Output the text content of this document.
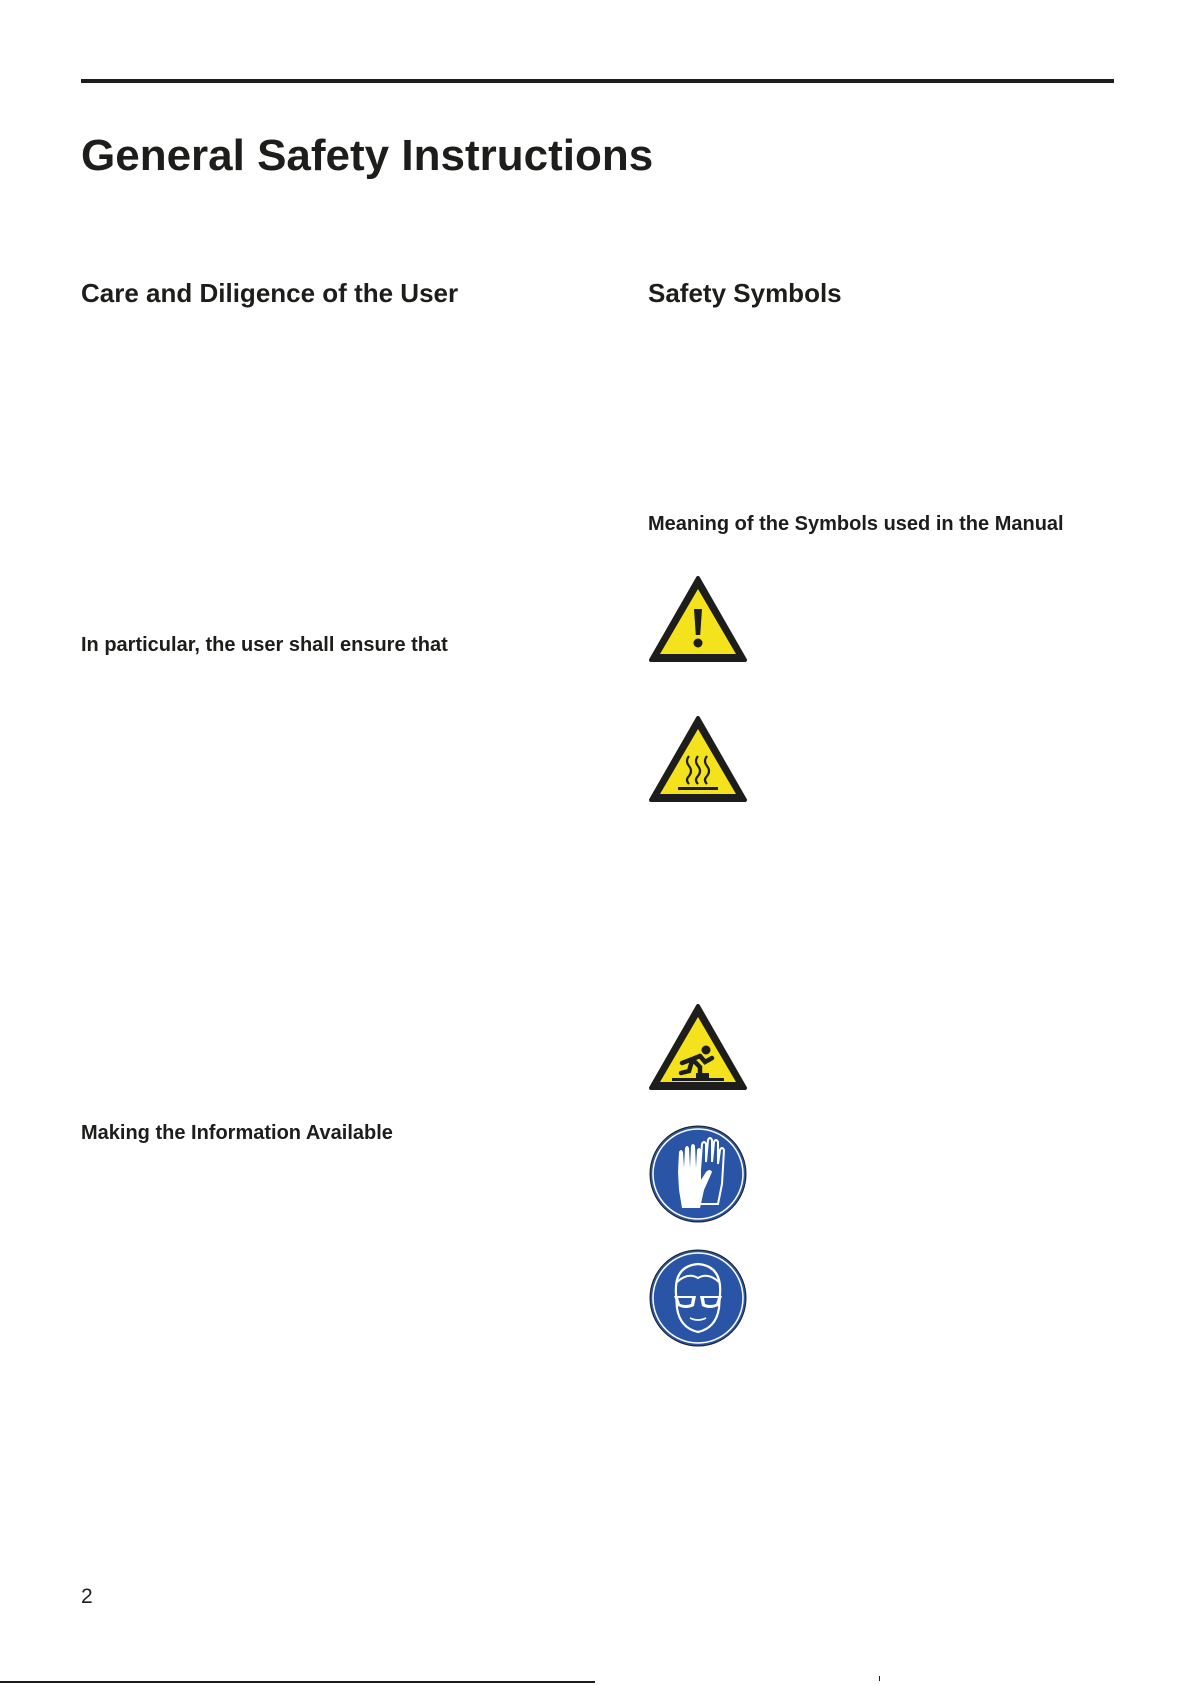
General Safety Instructions
Care and Diligence of the User
In particular, the user shall ensure that
Making the Information Available
Safety Symbols
Meaning of the Symbols used in the Manual
2
